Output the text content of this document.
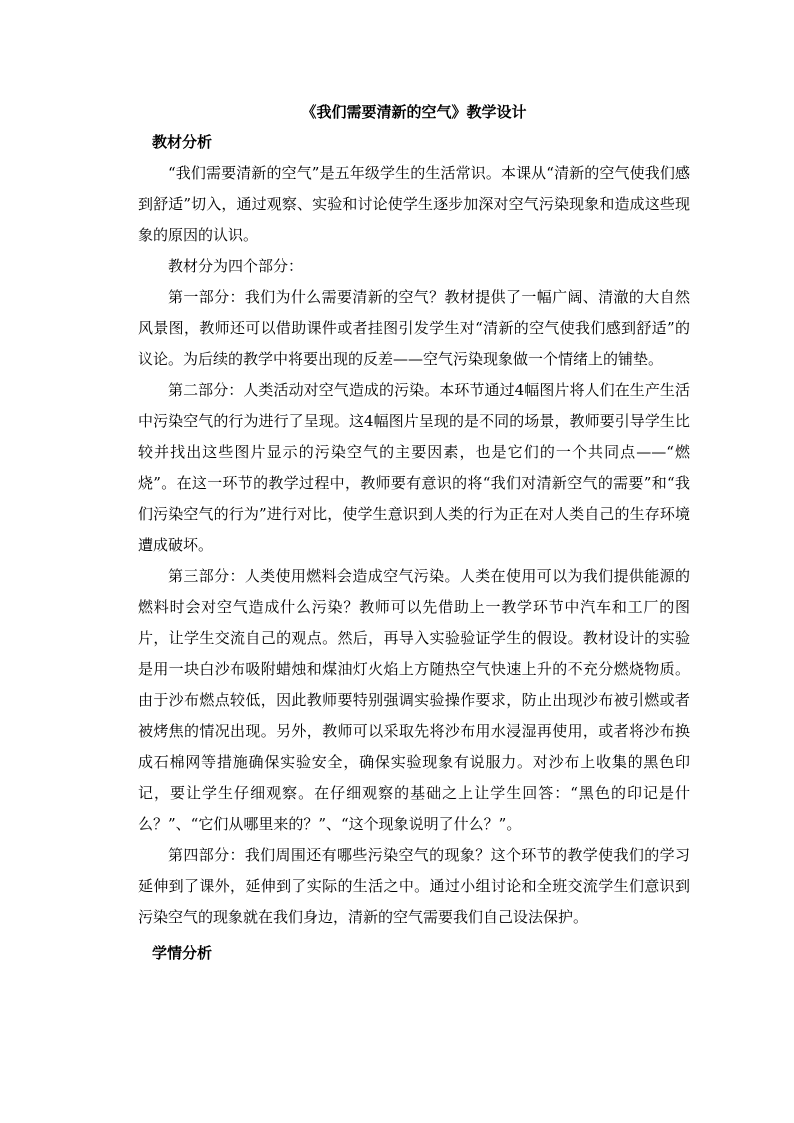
《我们需要清新的空气》教学设计
教材分析

“我们需要清新的空气”是五年级学生的生活常识。本课从“清新的空气使我们感到舒适”切入，通过观察、实验和讨论使学生逐步加深对空气污染现象和造成这些现象的原因的认识。

教材分为四个部分：

第一部分：我们为什么需要清新的空气？教材提供了一幅广阔、清澈的大自然风景图，教师还可以借助课件或者挂图引发学生对“清新的空气使我们感到舒适”的议论。为后续的教学中将要出现的反差——空气污染现象做一个情绪上的铺垫。

第二部分：人类活动对空气造成的污染。本环节通过4幅图片将人们在生产生活中污染空气的行为进行了呈现。这4幅图片呈现的是不同的场景，教师要引导学生比较并找出这些图片显示的污染空气的主要因素，也是它们的一个共同点——“燃烧”。在这一环节的教学过程中，教师要有意识的将“我们对清新空气的需要”和“我们污染空气的行为”进行对比，使学生意识到人类的行为正在对人类自己的生存环境遭成破坏。

第三部分：人类使用燃料会造成空气污染。人类在使用可以为我们提供能源的燃料时会对空气造成什么污染？教师可以先借助上一教学环节中汽车和工厂的图片，让学生交流自己的观点。然后，再导入实验验证学生的假设。教材设计的实验是用一块白沙布吸附蜡烛和煤油灯火焰上方随热空气快速上升的不充分燃烧物质。由于沙布燃点较低，因此教师要特别强调实验操作要求，防止出现沙布被引燃或者被烤焦的情况出现。另外，教师可以采取先将沙布用水浸湿再使用，或者将沙布换成石棉网等措施确保实验安全，确保实验现象有说服力。对沙布上收集的黑色印记，要让学生仔细观察。在仔细观察的基础之上让学生回答：“黑色的印记是什么？”、“它们从哪里来的？”、“这个现象说明了什么？”。

第四部分：我们周围还有哪些污染空气的现象？这个环节的教学使我们的学习延伸到了课外，延伸到了实际的生活之中。通过小组讨论和全班交流学生们意识到污染空气的现象就在我们身边，清新的空气需要我们自己设法保护。

学情分析
